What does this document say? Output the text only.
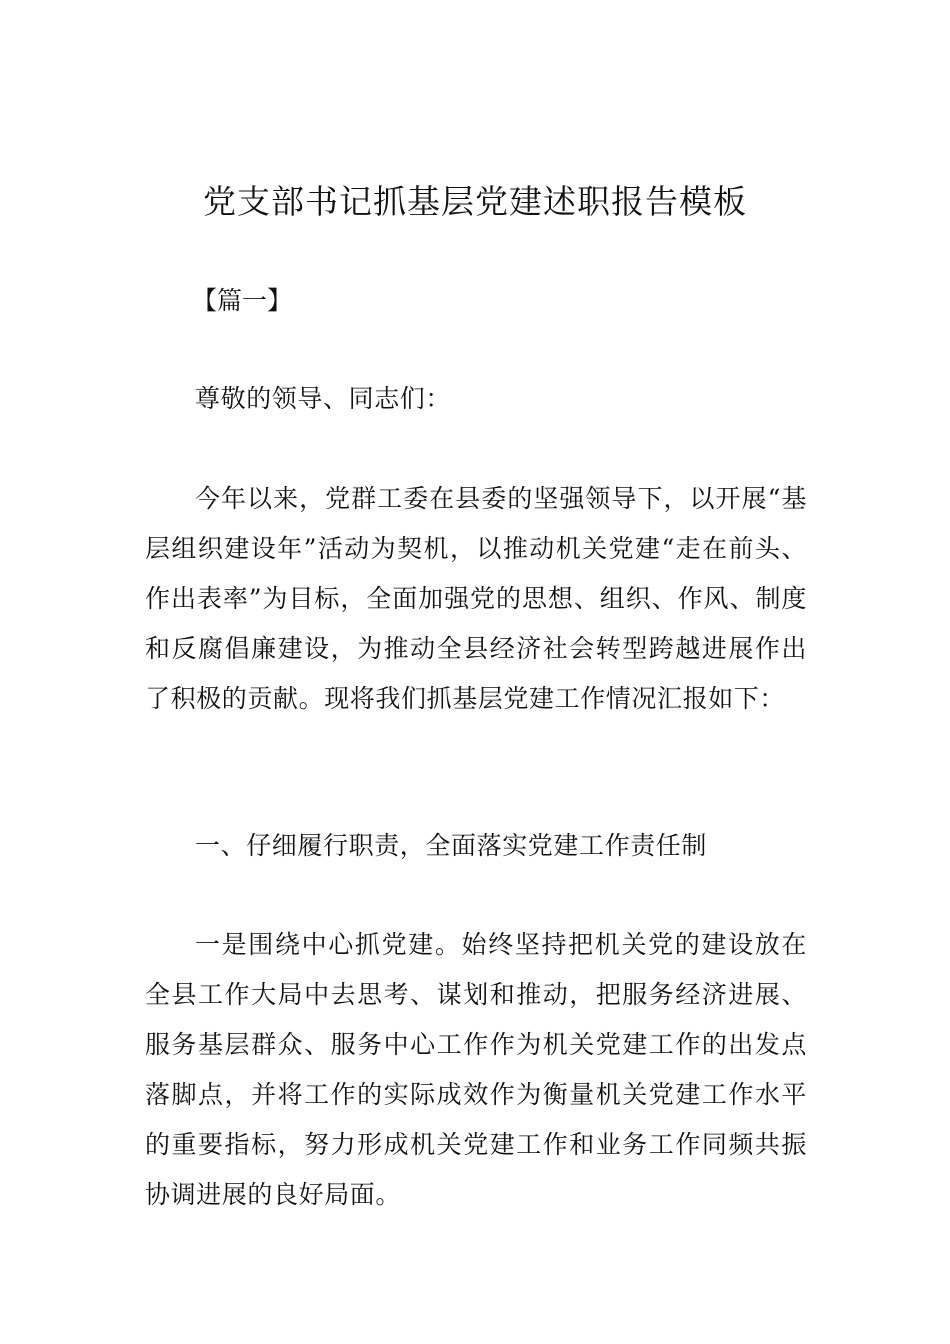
党支部书记抓基层党建述职报告模板

【篇一】

尊敬的领导、同志们：

今年以来，党群工委在县委的坚强领导下，以开展“基层组织建设年”活动为契机，以推动机关党建“走在前头、作出表率”为目标，全面加强党的思想、组织、作风、制度和反腐倡廉建设，为推动全县经济社会转型跨越进展作出了积极的贡献。现将我们抓基层党建工作情况汇报如下：

一、仔细履行职责，全面落实党建工作责任制

一是围绕中心抓党建。始终坚持把机关党的建设放在全县工作大局中去思考、谋划和推动，把服务经济进展、服务基层群众、服务中心工作作为机关党建工作的出发点落脚点，并将工作的实际成效作为衡量机关党建工作水平的重要指标，努力形成机关党建工作和业务工作同频共振协调进展的良好局面。
